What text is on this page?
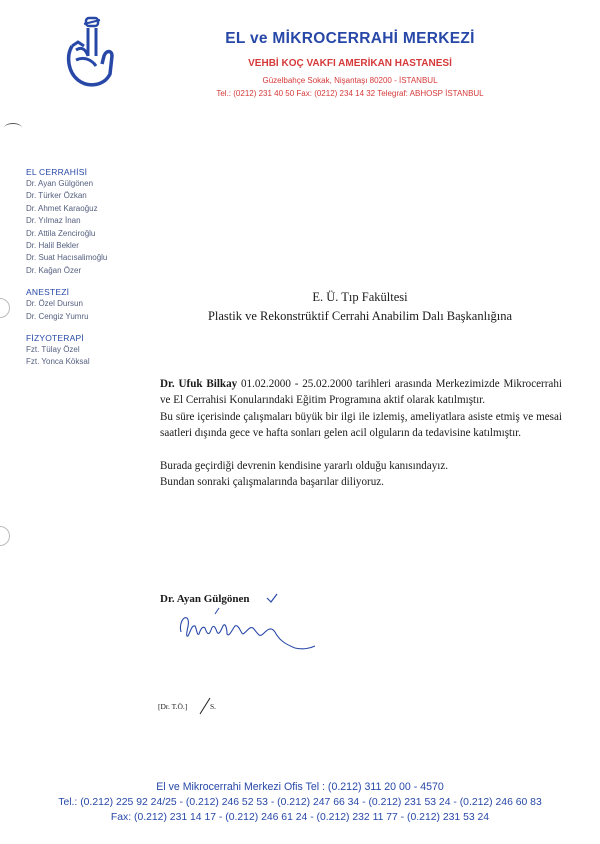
EL ve MİKROCERRAHİ MERKEZİ
VEHBİ KOÇ VAKFI AMERİKAN HASTANESİ
Güzelbahçe Sokak, Nişantaşı 80200 - İSTANBUL
Tel.: (0212) 231 40 50 Fax: (0212) 234 14 32 Telegraf: ABHOSP İSTANBUL
EL CERRAHİSİ
Dr. Ayan Gülgönen
Dr. Türker Özkan
Dr. Ahmet Karaoğuz
Dr. Yılmaz İnan
Dr. Attila Zenciroğlu
Dr. Halil Bekler
Dr. Suat Hacısalimoğlu
Dr. Kağan Özer
ANESTEZİ
Dr. Özel Dursun
Dr. Cengiz Yumru
FİZYOTERAPİ
Fzt. Tülay Özel
Fzt. Yonca Köksal
E. Ü. Tıp Fakültesi
Plastik ve Rekonstrüktif Cerrahi Anabilim Dalı Başkanlığına

Dr. Ufuk Bilkay 01.02.2000 - 25.02.2000 tarihleri arasında Merkezimizde Mikrocerrahi ve El Cerrahisi Konularındaki Eğitim Programına aktif olarak katılmıştır.

Bu süre içerisinde çalışmaları büyük bir ilgi ile izlemiş, ameliyatlara asiste etmiş ve mesai saatleri dışında gece ve hafta sonları gelen acil olguların da tedavisine katılmıştır.

Burada geçirdiği devrenin kendisine yararlı olduğu kanısındayız.

Bundan sonraki çalışmalarında başarılar diliyoruz.

Dr. Ayan Gülgönen
[Dr. T.Ö.]	S.
El ve Mikrocerrahi Merkezi Ofis Tel : (0.212) 311 20 00 - 4570
Tel.: (0.212) 225 92 24/25 - (0.212) 246 52 53 - (0.212) 247 66 34 - (0.212) 231 53 24 - (0.212) 246 60 83
Fax: (0.212) 231 14 17 - (0.212) 246 61 24 - (0.212) 232 11 77 - (0.212) 231 53 24
